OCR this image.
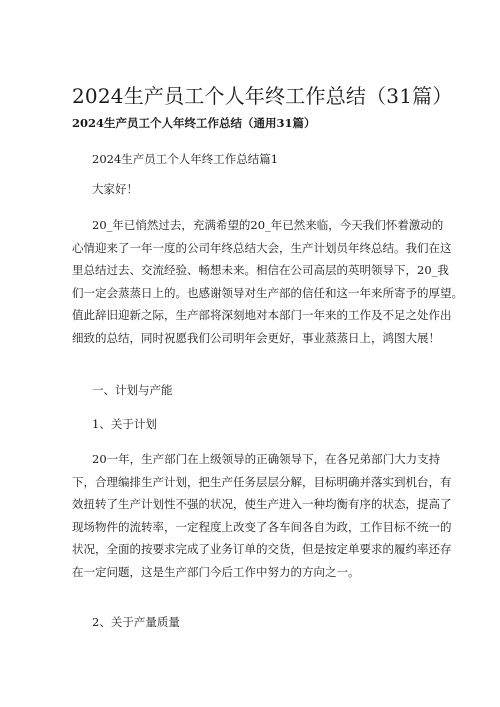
2024生产员工个人年终工作总结（31篇）
2024生产员工个人年终工作总结（通用31篇）
2024生产员工个人年终工作总结篇1
大家好！
20_年已悄然过去，充满希望的20_年已然来临，今天我们怀着激动的
心情迎来了一年一度的公司年终总结大会，生产计划员年终总结。我们在这
里总结过去、交流经验、畅想未来。相信在公司高层的英明领导下，20_我
们一定会蒸蒸日上的。也感谢领导对生产部的信任和这一年来所寄予的厚望。
值此辞旧迎新之际，生产部将深刻地对本部门一年来的工作及不足之处作出
细致的总结，同时祝愿我们公司明年会更好，事业蒸蒸日上，鸿图大展！
一、计划与产能
1、关于计划
20一年，生产部门在上级领导的正确领导下，在各兄弟部门大力支持
下，合理编排生产计划，把生产任务层层分解，目标明确并落实到机台，有
效扭转了生产计划性不强的状况，使生产进入一种均衡有序的状态，提高了
现场物件的流转率，一定程度上改变了各车间各自为政，工作目标不统一的
状况，全面的按要求完成了业务订单的交货，但是按定单要求的履约率还存
在一定问题，这是生产部门今后工作中努力的方向之一。
2、关于产量质量
